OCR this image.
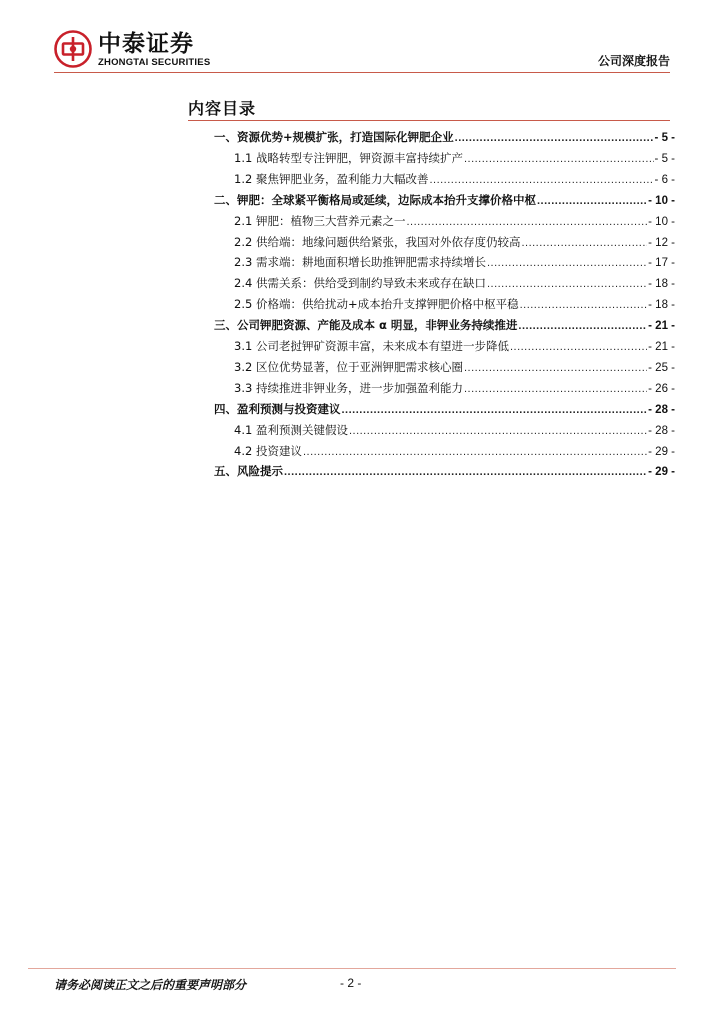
中泰证券
ZHONGTAI SECURITIES	公司深度报告
内容目录
一、资源优势+规模扩张，打造国际化钾肥企业 .....	- 5 -
1.1 战略转型专注钾肥，钾资源丰富持续扩产 .....	- 5 -
1.2 聚焦钾肥业务，盈利能力大幅改善 .....	- 6 -
二、钾肥：全球紧平衡格局或延续，边际成本抬升支撑价格中枢 .....	- 10 -
2.1 钾肥：植物三大营养元素之一 .....	- 10 -
2.2 供给端：地缘问题供给紧张，我国对外依存度仍较高 .....	- 12 -
2.3 需求端：耕地面积增长助推钾肥需求持续增长 .....	- 17 -
2.4 供需关系：供给受到制约导致未来或存在缺口 .....	- 18 -
2.5 价格端：供给扰动+成本抬升支撑钾肥价格中枢平稳 .....	- 18 -
三、公司钾肥资源、产能及成本 α 明显，非钾业务持续推进 .....	- 21 -
3.1 公司老挝钾矿资源丰富，未来成本有望进一步降低 .....	- 21 -
3.2 区位优势显著，位于亚洲钾肥需求核心圈 .....	- 25 -
3.3 持续推进非钾业务，进一步加强盈利能力 .....	- 26 -
四、盈利预测与投资建议 .....	- 28 -
4.1 盈利预测关键假设 .....	- 28 -
4.2 投资建议 .....	- 29 -
五、风险提示 .....	- 29 -
请务必阅读正文之后的重要声明部分	- 2 -
